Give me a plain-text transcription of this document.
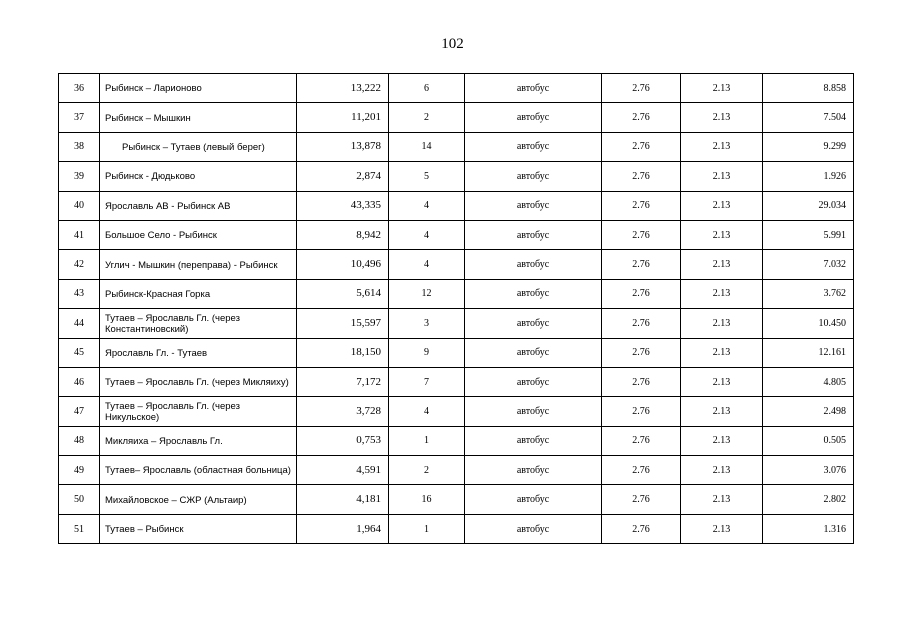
102
36	Рыбинск – Ларионово	13,222	6	автобус	2.76	2.13	8.858

37	Рыбинск – Мышкин	11,201	2	автобус	2.76	2.13	7.504

38	Рыбинск – Тутаев (левый берег)	13,878	14	автобус	2.76	2.13	9.299

39	Рыбинск - Дюдьково	2,874	5	автобус	2.76	2.13	1.926

40	Ярославль АВ - Рыбинск АВ	43,335	4	автобус	2.76	2.13	29.034

41	Большое Село - Рыбинск	8,942	4	автобус	2.76	2.13	5.991

42	Углич - Мышкин (переправа) - Рыбинск	10,496	4	автобус	2.76	2.13	7.032

43	Рыбинск-Красная Горка	5,614	12	автобус	2.76	2.13	3.762

44	Тутаев – Ярославль Гл. (через Константиновский)	15,597	3	автобус	2.76	2.13	10.450

45	Ярославль Гл. - Тутаев	18,150	9	автобус	2.76	2.13	12.161

46	Тутаев – Ярославль Гл. (через Микляиху)	7,172	7	автобус	2.76	2.13	4.805

47	Тутаев – Ярославль Гл. (через Никульское)	3,728	4	автобус	2.76	2.13	2.498

48	Микляиха – Ярославль Гл.	0,753	1	автобус	2.76	2.13	0.505

49	Тутаев– Ярославль (областная больница)	4,591	2	автобус	2.76	2.13	3.076

50	Михайловское – СЖР (Альтаир)	4,181	16	автобус	2.76	2.13	2.802

51	Тутаев – Рыбинск	1,964	1	автобус	2.76	2.13	1.316
